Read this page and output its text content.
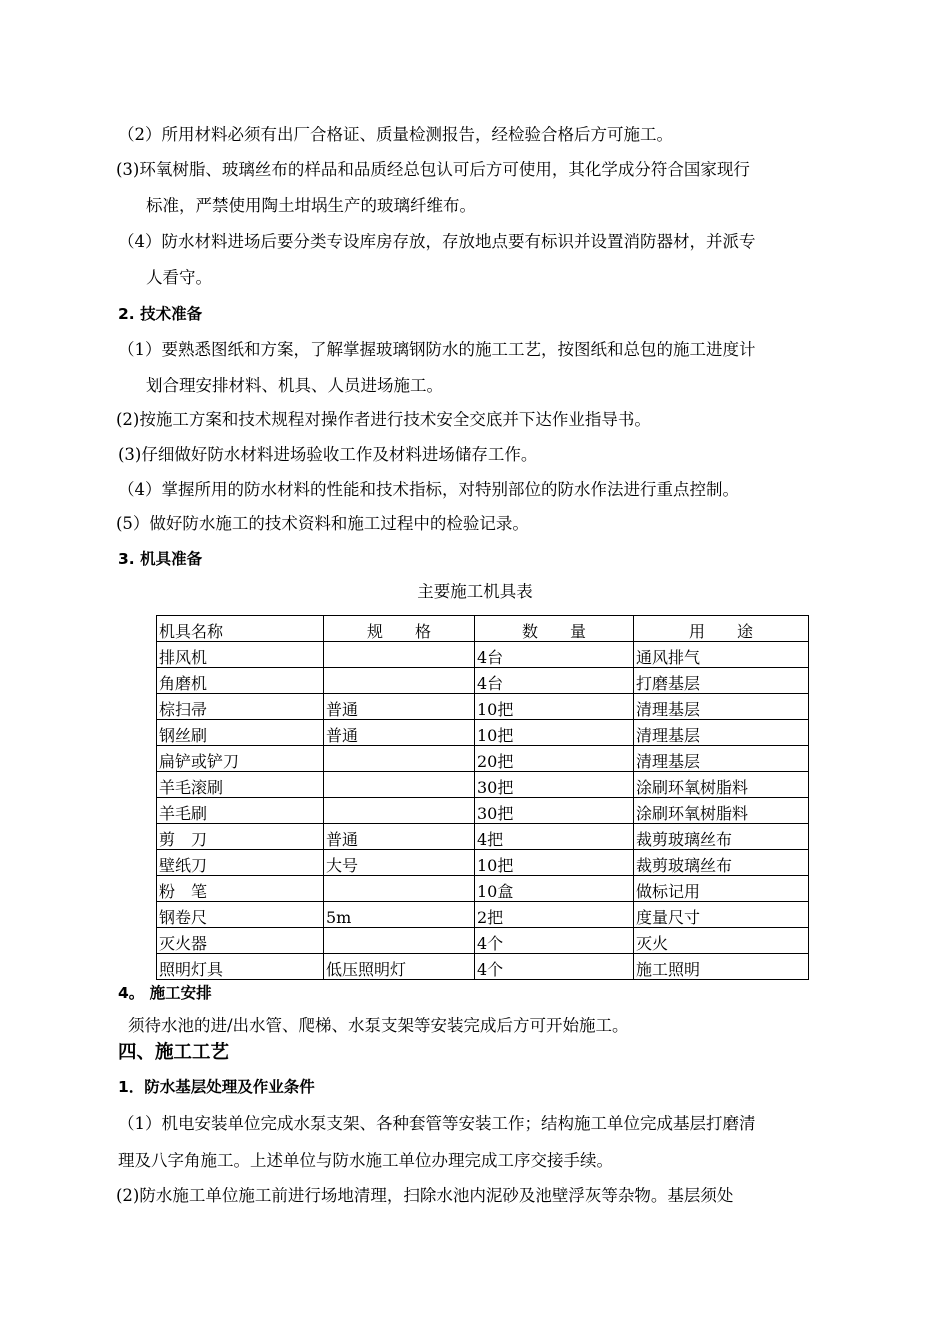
（2）所用材料必须有出厂合格证、质量检测报告，经检验合格后方可施工。
(3)环氧树脂、玻璃丝布的样品和品质经总包认可后方可使用，其化学成分符合国家现行
标准，严禁使用陶土坩埚生产的玻璃纤维布。
（4）防水材料进场后要分类专设库房存放，存放地点要有标识并设置消防器材，并派专
人看守。
2. 技术准备
（1）要熟悉图纸和方案，了解掌握玻璃钢防水的施工工艺，按图纸和总包的施工进度计
划合理安排材料、机具、人员进场施工。
(2)按施工方案和技术规程对操作者进行技术安全交底并下达作业指导书。
(3)仔细做好防水材料进场验收工作及材料进场储存工作。
（4）掌握所用的防水材料的性能和技术指标，对特别部位的防水作法进行重点控制。
(5）做好防水施工的技术资料和施工过程中的检验记录。
3. 机具准备
主要施工机具表
机具名称	规　　格	数　　量	用　　途
排风机		4台	通风排气
角磨机		4台	打磨基层
棕扫帚	普通	10把	清理基层
钢丝刷	普通	10把	清理基层
扁铲或铲刀		20把	清理基层
羊毛滚刷		30把	涂刷环氧树脂料
羊毛刷		30把	涂刷环氧树脂料
剪　刀	普通	4把	裁剪玻璃丝布
壁纸刀	大号	10把	裁剪玻璃丝布
粉　笔		10盒	做标记用
钢卷尺	5m	2把	度量尺寸
灭火器		4个	灭火
照明灯具	低压照明灯	4个	施工照明
4。 施工安排
须待水池的进/出水管、爬梯、水泵支架等安装完成后方可开始施工。
四、施工工艺
1．防水基层处理及作业条件
（1）机电安装单位完成水泵支架、各种套管等安装工作；结构施工单位完成基层打磨清
理及八字角施工。上述单位与防水施工单位办理完成工序交接手续。
(2)防水施工单位施工前进行场地清理，扫除水池内泥砂及池壁浮灰等杂物。基层须处
